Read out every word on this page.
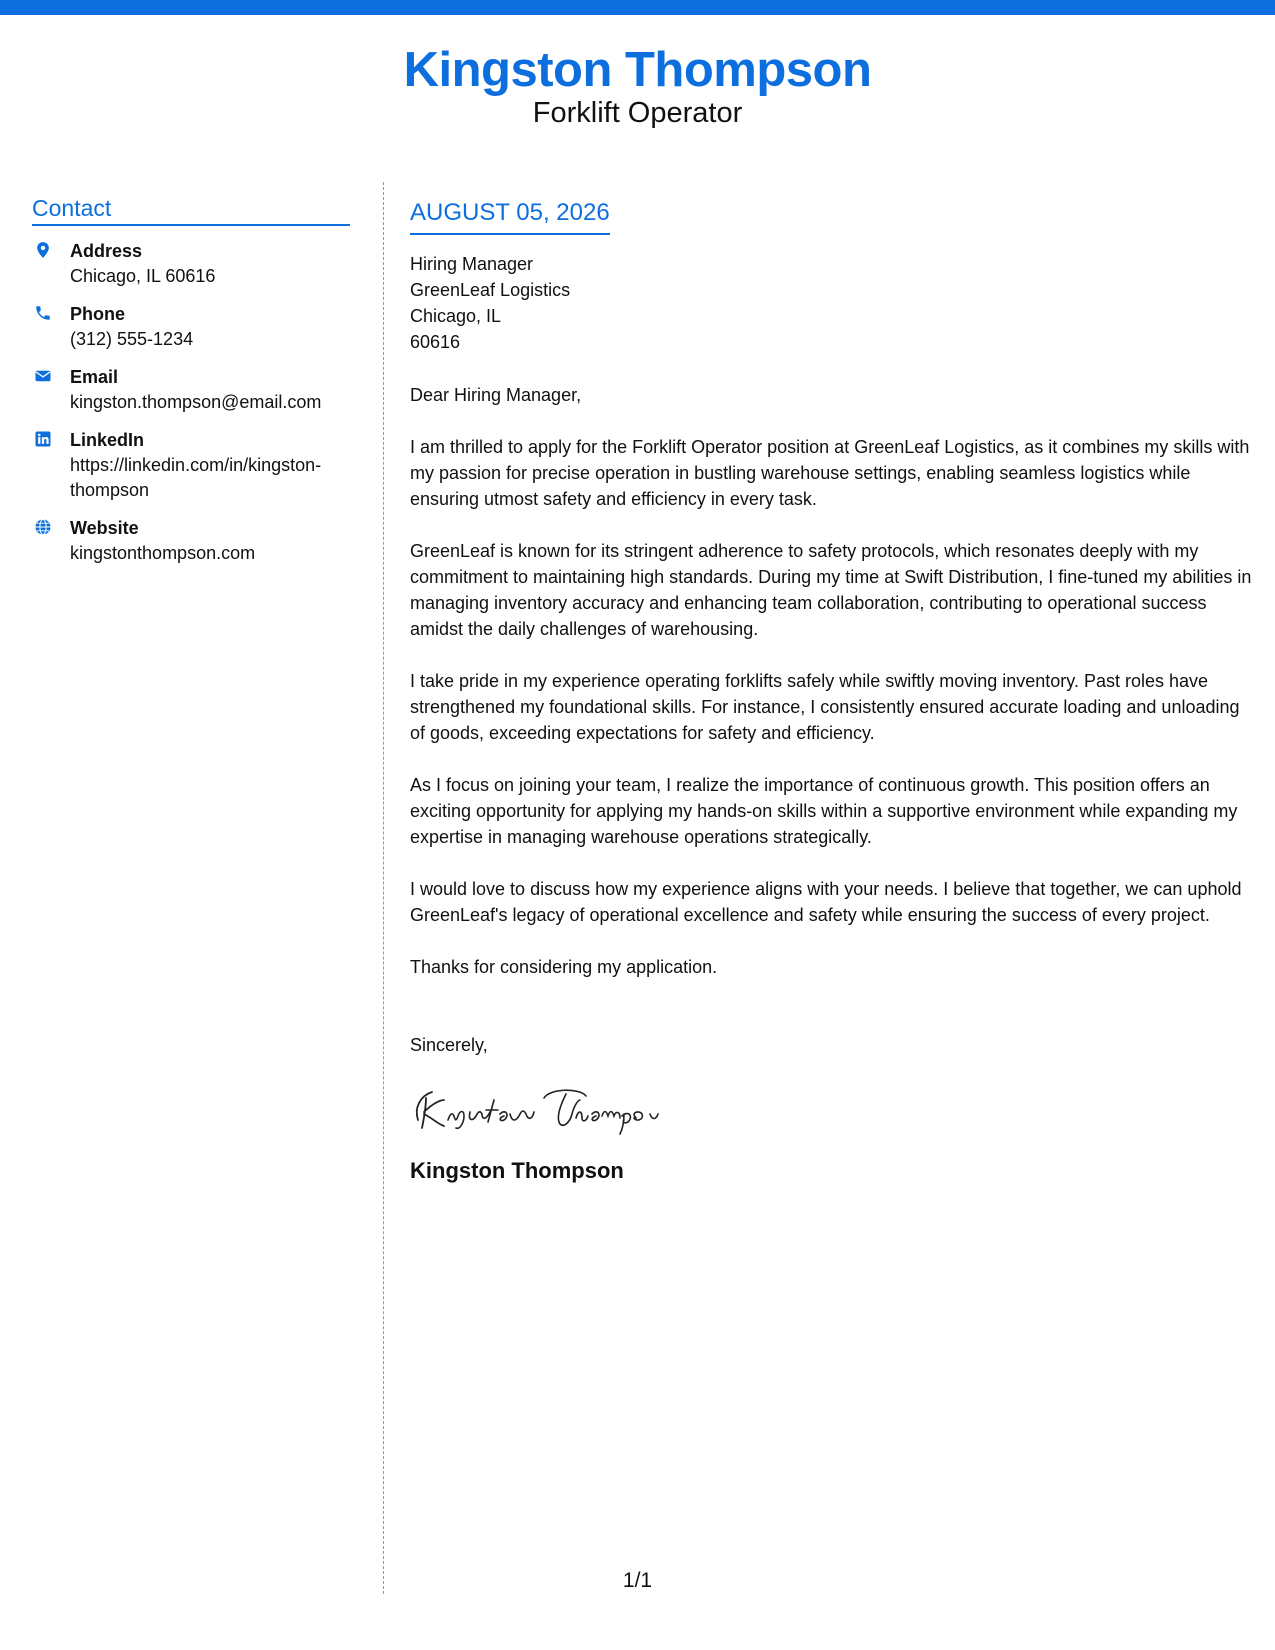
Kingston Thompson
Forklift Operator
Contact
Address
Chicago, IL 60616
Phone
(312) 555-1234
Email
kingston.thompson@email.com
LinkedIn
https://linkedin.com/in/kingston-thompson
Website
kingstonthompson.com
AUGUST 05, 2026
Hiring Manager
GreenLeaf Logistics
Chicago, IL
60616
Dear Hiring Manager,
I am thrilled to apply for the Forklift Operator position at GreenLeaf Logistics, as it combines my skills with my passion for precise operation in bustling warehouse settings, enabling seamless logistics while ensuring utmost safety and efficiency in every task.
GreenLeaf is known for its stringent adherence to safety protocols, which resonates deeply with my commitment to maintaining high standards. During my time at Swift Distribution, I fine-tuned my abilities in managing inventory accuracy and enhancing team collaboration, contributing to operational success amidst the daily challenges of warehousing.
I take pride in my experience operating forklifts safely while swiftly moving inventory. Past roles have strengthened my foundational skills. For instance, I consistently ensured accurate loading and unloading of goods, exceeding expectations for safety and efficiency.
As I focus on joining your team, I realize the importance of continuous growth. This position offers an exciting opportunity for applying my hands-on skills within a supportive environment while expanding my expertise in managing warehouse operations strategically.
I would love to discuss how my experience aligns with your needs. I believe that together, we can uphold GreenLeaf's legacy of operational excellence and safety while ensuring the success of every project.
Thanks for considering my application.
Sincerely,
Kingston Thompson
1/1
